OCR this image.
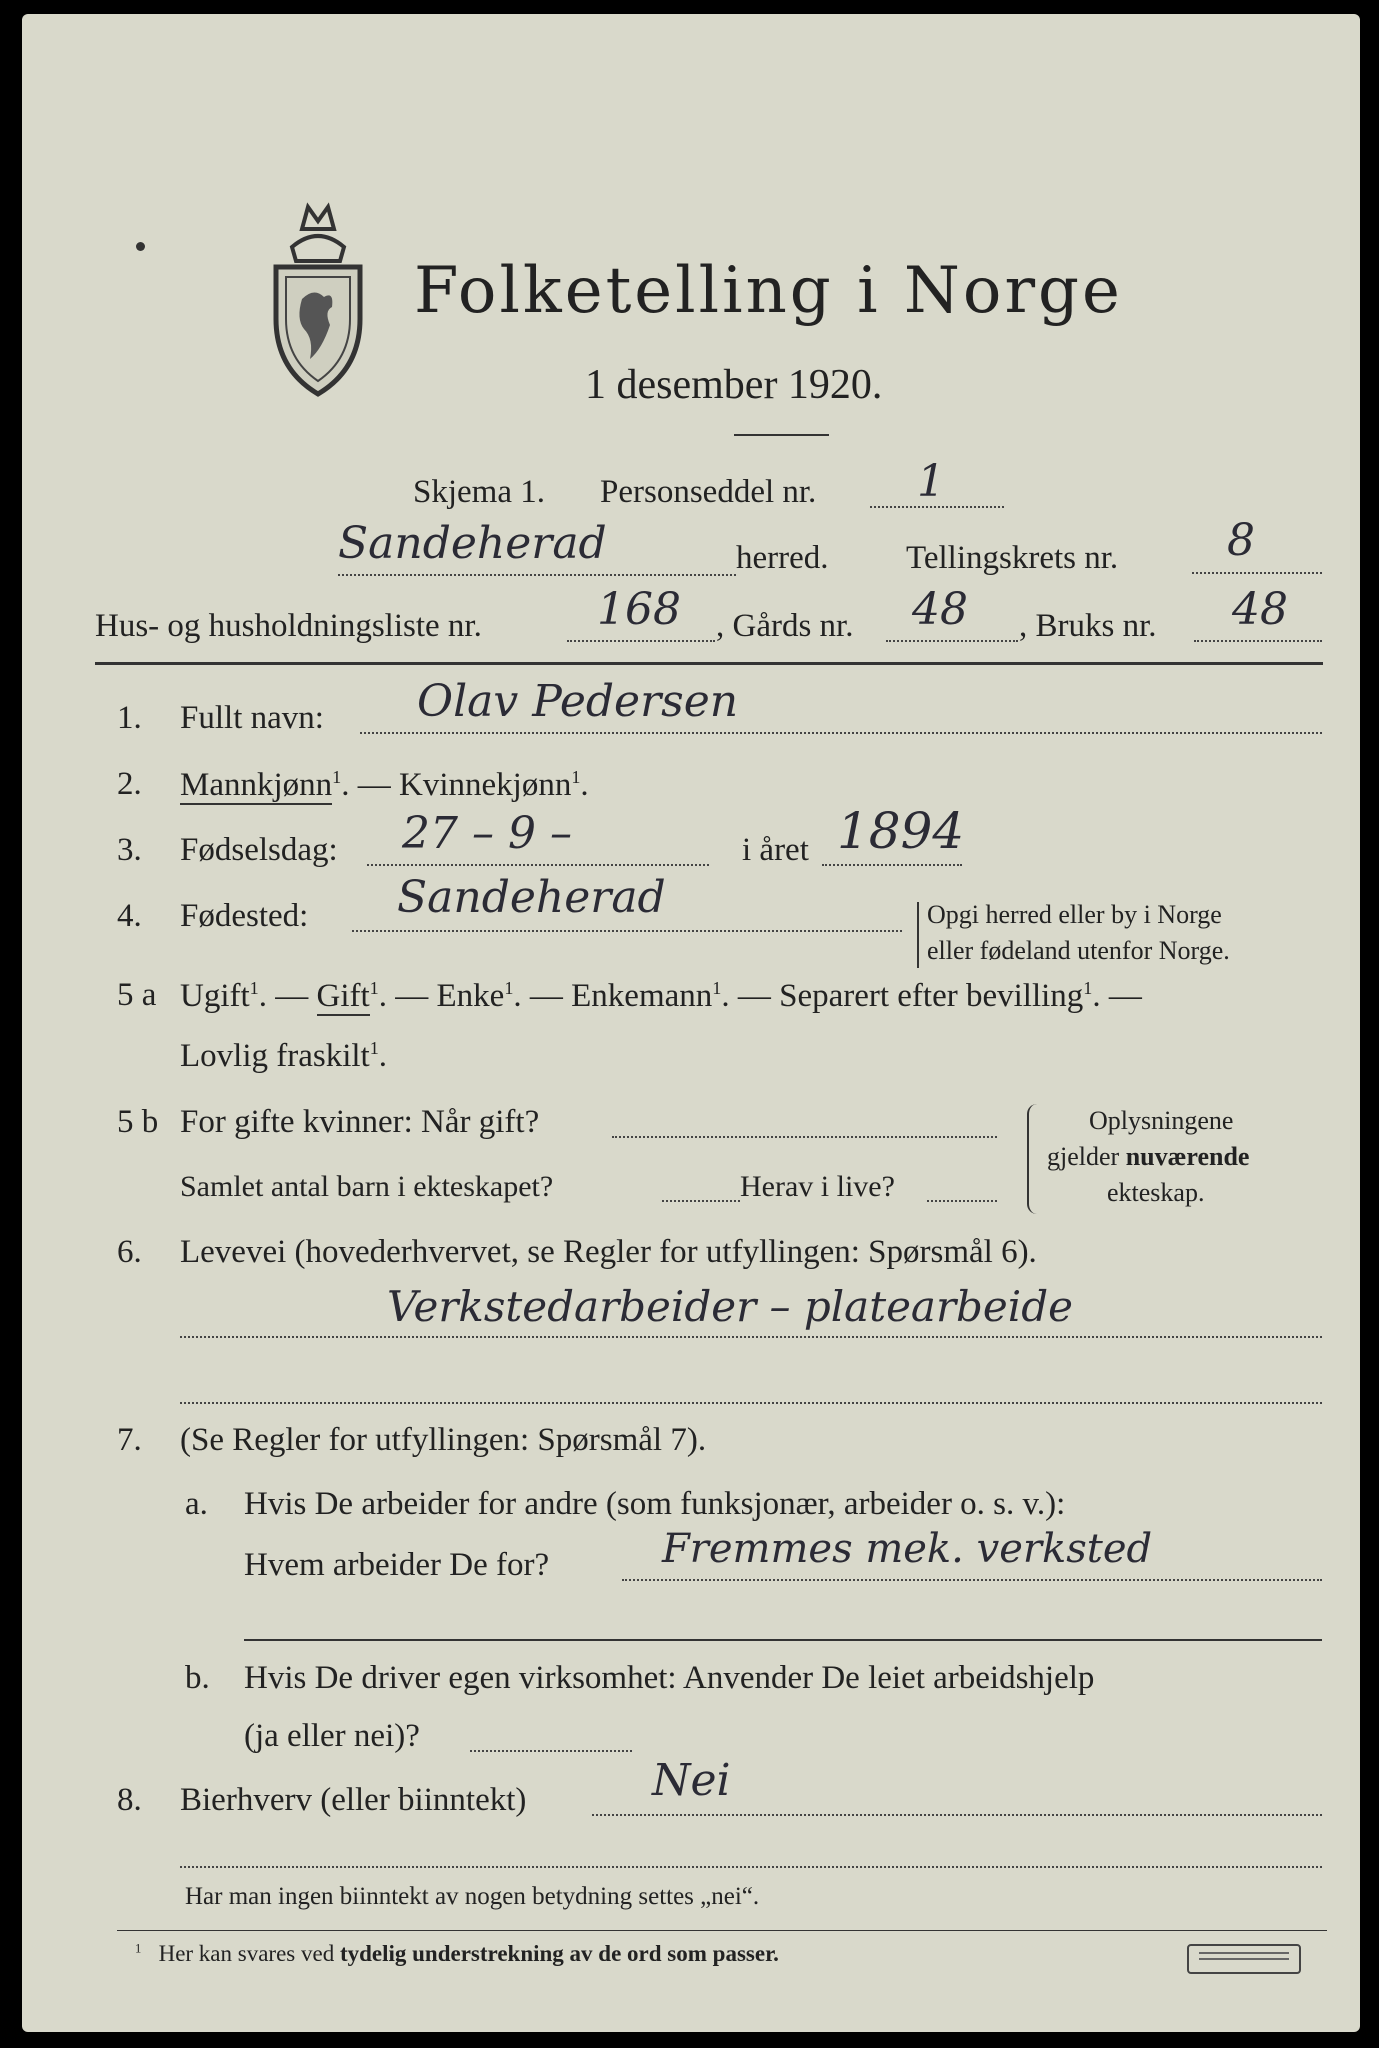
Folketelling i Norge
1 desember 1920.
Skjema 1. Personseddel nr. 1
Sandeherad	herred. Tellingskrets nr. 8
Hus- og husholdningsliste nr.	168 , Gårds nr. 48 , Bruks nr. 48
1. Fullt navn: Olav Pedersen
2. Mannkjønn$^1$. — Kvinnekjønn$^1$.
3. Fødselsdag: 27 – 9 –	i året 1894
4. Fødested: Sandeherad	Opgi herred eller by i Norge
eller fødeland utenfor Norge.
5 a Ugift$^1$. — Gift$^1$. — Enke$^1$. — Enkemann$^1$. — Separert efter bevilling$^1$. —
Lovlig fraskilt$^1$.
5 b For gifte kvinner: Når gift?
Samlet antal barn i ekteskapet?	Herav i live?
Oplysningene
gjelder nuværende
ekteskap.
6. Levevei (hovederhvervet, se Regler for utfyllingen: Spørsmål 6).
Verkstedarbeider – platearbeide
7. (Se Regler for utfyllingen: Spørsmål 7).
a. Hvis De arbeider for andre (som funksjonær, arbeider o. s. v.):
Hvem arbeider De for?	Fremmes mek. verksted
b. Hvis De driver egen virksomhet: Anvender De leiet arbeidshjelp
(ja eller nei)?
8. Bierhverv (eller biinntekt)	Nei
Har man ingen biinntekt av nogen betydning settes „nei“.
$^1$ Her kan svares ved tydelig understrekning av de ord som passer.
